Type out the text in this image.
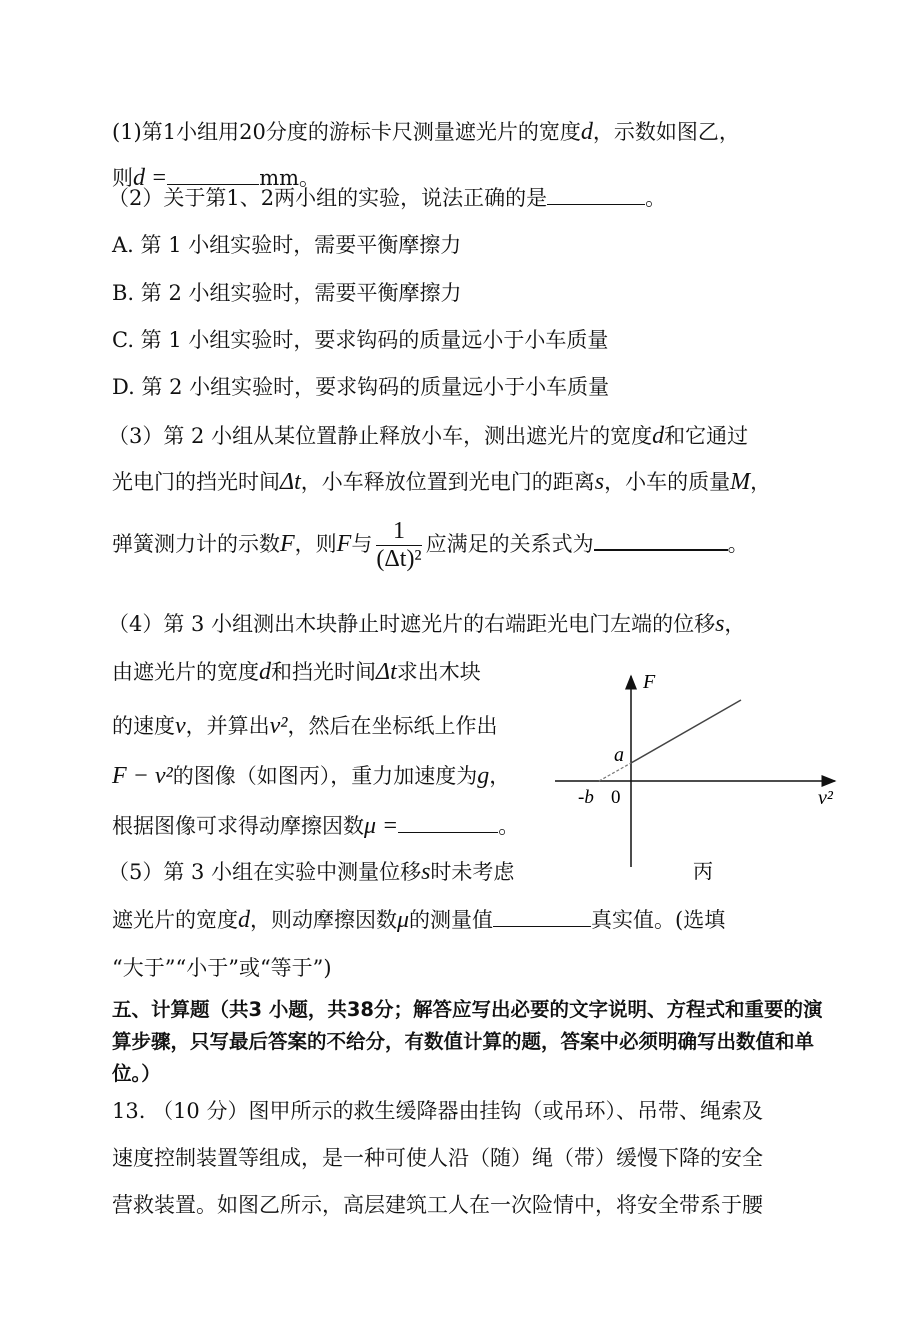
(1)第1小组用20分度的游标卡尺测量遮光片的宽度d，示数如图乙，
则d =	mm。
（2）关于第1、2两小组的实验，说法正确的是	。
A. 第 1 小组实验时，需要平衡摩擦力
B. 第 2 小组实验时，需要平衡摩擦力
C. 第 1 小组实验时，要求钩码的质量远小于小车质量
D. 第 2 小组实验时，要求钩码的质量远小于小车质量
（3）第 2 小组从某位置静止释放小车，测出遮光片的宽度d和它通过
光电门的挡光时间Δt，小车释放位置到光电门的距离s，小车的质量M，
弹簧测力计的示数F，则F与 $\frac{1}{\text{(Δt)²}}$ 应满足的关系式为	。
（4）第 3 小组测出木块静止时遮光片的右端距光电门左端的位移s，
由遮光片的宽度d和挡光时间Δt求出木块
的速度v，并算出v²，然后在坐标纸上作出
F − v²的图像（如图丙），重力加速度为g，
根据图像可求得动摩擦因数μ =	。
（5）第 3 小组在实验中测量位移s时未考虑
遮光片的宽度d，则动摩擦因数μ的测量值	真实值。(选填
“大于”“小于”或“等于”)
五、计算题（共3 小题，共38分；解答应写出必要的文字说明、方程式和重要的演
算步骤，只写最后答案的不给分，有数值计算的题，答案中必须明确写出数值和单
位。）
13. （10 分）图甲所示的救生缓降器由挂钩（或吊环）、吊带、绳索及
速度控制装置等组成，是一种可使人沿（随）绳（带）缓慢下降的安全
营救装置。如图乙所示，高层建筑工人在一次险情中，将安全带系于腰
F
v²
a
-b 0
丙
